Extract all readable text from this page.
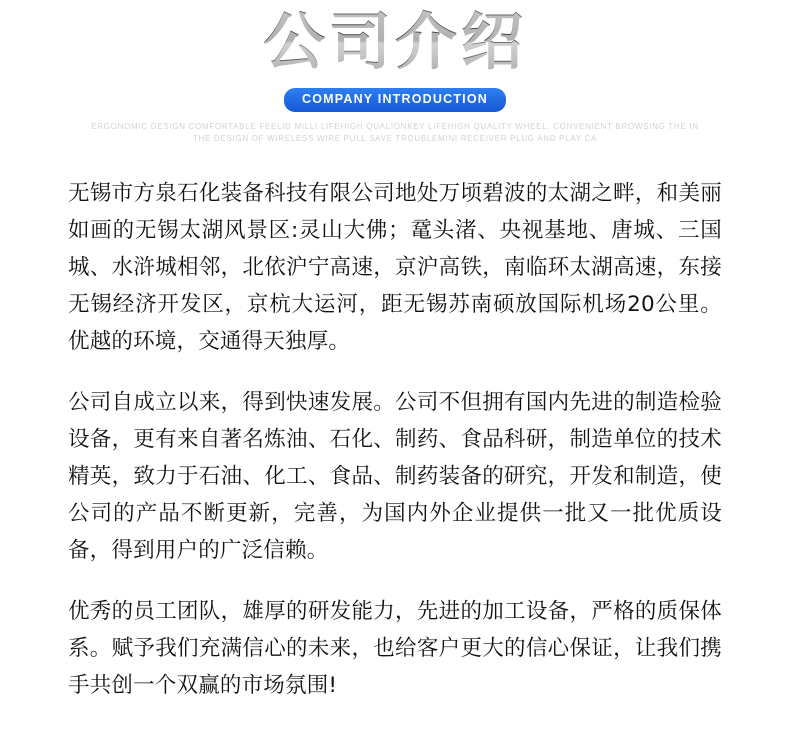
公司介绍
COMPANY INTRODUCTION
ERGONOMIC DESIGN COMFORTABLE FEELID MILLI LIFEHIGH QUALIONKEY LIFEHIGH QUALITY WHEEL, CONVENIENT BROWSING THE IN
THE DESIGN OF WIRELESS WIRE PULL SAVE TROUBLEMINI RECEIVER PLUG AND PLAY CA

无锡市方泉石化装备科技有限公司地处万顷碧波的太湖之畔，和美丽如画的无锡太湖风景区:灵山大佛；鼋头渚、央视基地、唐城、三国城、水浒城相邻，北依沪宁高速，京沪高铁，南临环太湖高速，东接无锡经济开发区，京杭大运河，距无锡苏南硕放国际机场20公里。优越的环境，交通得天独厚。

公司自成立以来，得到快速发展。公司不但拥有国内先进的制造检验设备，更有来自著名炼油、石化、制药、食品科研，制造单位的技术精英，致力于石油、化工、食品、制药装备的研究，开发和制造，使公司的产品不断更新，完善，为国内外企业提供一批又一批优质设备，得到用户的广泛信赖。

优秀的员工团队，雄厚的研发能力，先进的加工设备，严格的质保体系。赋予我们充满信心的未来，也给客户更大的信心保证，让我们携手共创一个双赢的市场氛围!
